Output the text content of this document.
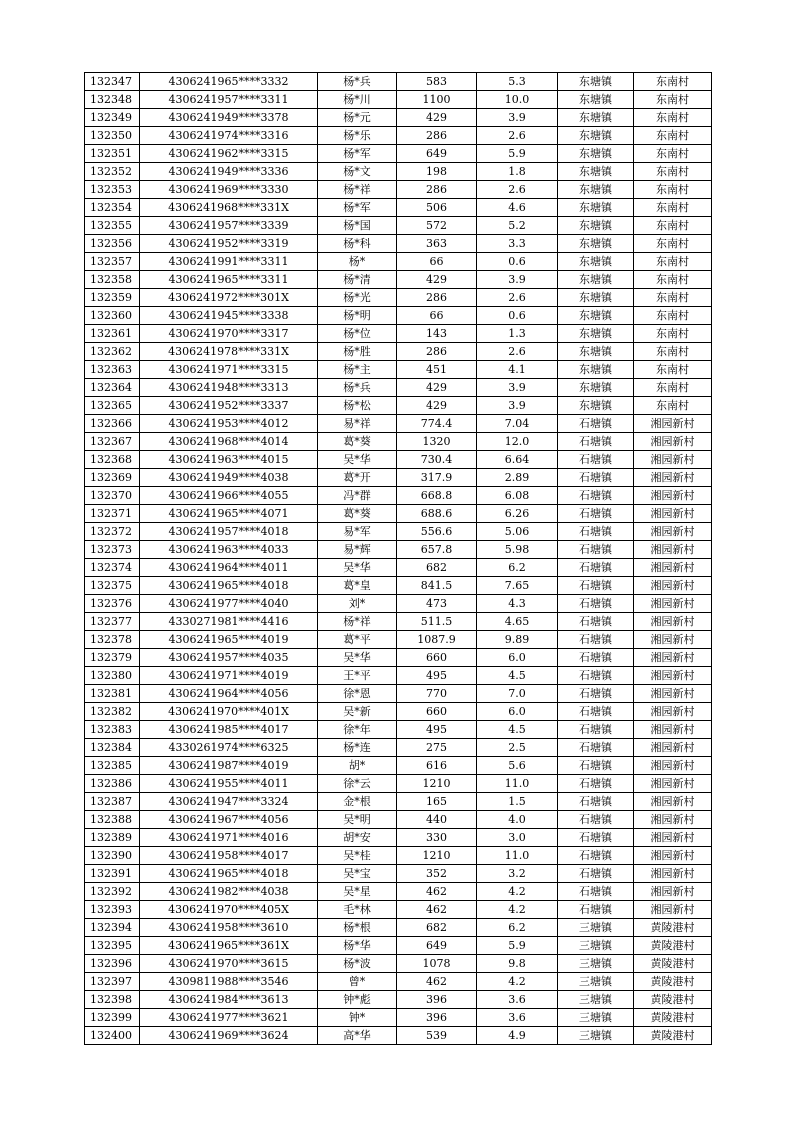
132347	4306241965****3332	杨*兵	583	5.3	东塘镇	东南村
132348	4306241957****3311	杨*川	1100	10.0	东塘镇	东南村
132349	4306241949****3378	杨*元	429	3.9	东塘镇	东南村
132350	4306241974****3316	杨*乐	286	2.6	东塘镇	东南村
132351	4306241962****3315	杨*军	649	5.9	东塘镇	东南村
132352	4306241949****3336	杨*文	198	1.8	东塘镇	东南村
132353	4306241969****3330	杨*祥	286	2.6	东塘镇	东南村
132354	4306241968****331X	杨*军	506	4.6	东塘镇	东南村
132355	4306241957****3339	杨*国	572	5.2	东塘镇	东南村
132356	4306241952****3319	杨*科	363	3.3	东塘镇	东南村
132357	4306241991****3311	杨*	66	0.6	东塘镇	东南村
132358	4306241965****3311	杨*清	429	3.9	东塘镇	东南村
132359	4306241972****301X	杨*光	286	2.6	东塘镇	东南村
132360	4306241945****3338	杨*明	66	0.6	东塘镇	东南村
132361	4306241970****3317	杨*位	143	1.3	东塘镇	东南村
132362	4306241978****331X	杨*胜	286	2.6	东塘镇	东南村
132363	4306241971****3315	杨*主	451	4.1	东塘镇	东南村
132364	4306241948****3313	杨*兵	429	3.9	东塘镇	东南村
132365	4306241952****3337	杨*松	429	3.9	东塘镇	东南村
132366	4306241953****4012	易*祥	774.4	7.04	石塘镇	湘园新村
132367	4306241968****4014	葛*葵	1320	12.0	石塘镇	湘园新村
132368	4306241963****4015	吴*华	730.4	6.64	石塘镇	湘园新村
132369	4306241949****4038	葛*开	317.9	2.89	石塘镇	湘园新村
132370	4306241966****4055	冯*群	668.8	6.08	石塘镇	湘园新村
132371	4306241965****4071	葛*葵	688.6	6.26	石塘镇	湘园新村
132372	4306241957****4018	易*军	556.6	5.06	石塘镇	湘园新村
132373	4306241963****4033	易*辉	657.8	5.98	石塘镇	湘园新村
132374	4306241964****4011	吴*华	682	6.2	石塘镇	湘园新村
132375	4306241965****4018	葛*皇	841.5	7.65	石塘镇	湘园新村
132376	4306241977****4040	刘*	473	4.3	石塘镇	湘园新村
132377	4330271981****4416	杨*祥	511.5	4.65	石塘镇	湘园新村
132378	4306241965****4019	葛*平	1087.9	9.89	石塘镇	湘园新村
132379	4306241957****4035	吴*华	660	6.0	石塘镇	湘园新村
132380	4306241971****4019	王*平	495	4.5	石塘镇	湘园新村
132381	4306241964****4056	徐*恩	770	7.0	石塘镇	湘园新村
132382	4306241970****401X	吴*新	660	6.0	石塘镇	湘园新村
132383	4306241985****4017	徐*年	495	4.5	石塘镇	湘园新村
132384	4330261974****6325	杨*连	275	2.5	石塘镇	湘园新村
132385	4306241987****4019	胡*	616	5.6	石塘镇	湘园新村
132386	4306241955****4011	徐*云	1210	11.0	石塘镇	湘园新村
132387	4306241947****3324	金*根	165	1.5	石塘镇	湘园新村
132388	4306241967****4056	吴*明	440	4.0	石塘镇	湘园新村
132389	4306241971****4016	胡*安	330	3.0	石塘镇	湘园新村
132390	4306241958****4017	吴*桂	1210	11.0	石塘镇	湘园新村
132391	4306241965****4018	吴*宝	352	3.2	石塘镇	湘园新村
132392	4306241982****4038	吴*星	462	4.2	石塘镇	湘园新村
132393	4306241970****405X	毛*林	462	4.2	石塘镇	湘园新村
132394	4306241958****3610	杨*根	682	6.2	三塘镇	黄陵港村
132395	4306241965****361X	杨*华	649	5.9	三塘镇	黄陵港村
132396	4306241970****3615	杨*波	1078	9.8	三塘镇	黄陵港村
132397	4309811988****3546	曾*	462	4.2	三塘镇	黄陵港村
132398	4306241984****3613	钟*彪	396	3.6	三塘镇	黄陵港村
132399	4306241977****3621	钟*	396	3.6	三塘镇	黄陵港村
132400	4306241969****3624	高*华	539	4.9	三塘镇	黄陵港村
